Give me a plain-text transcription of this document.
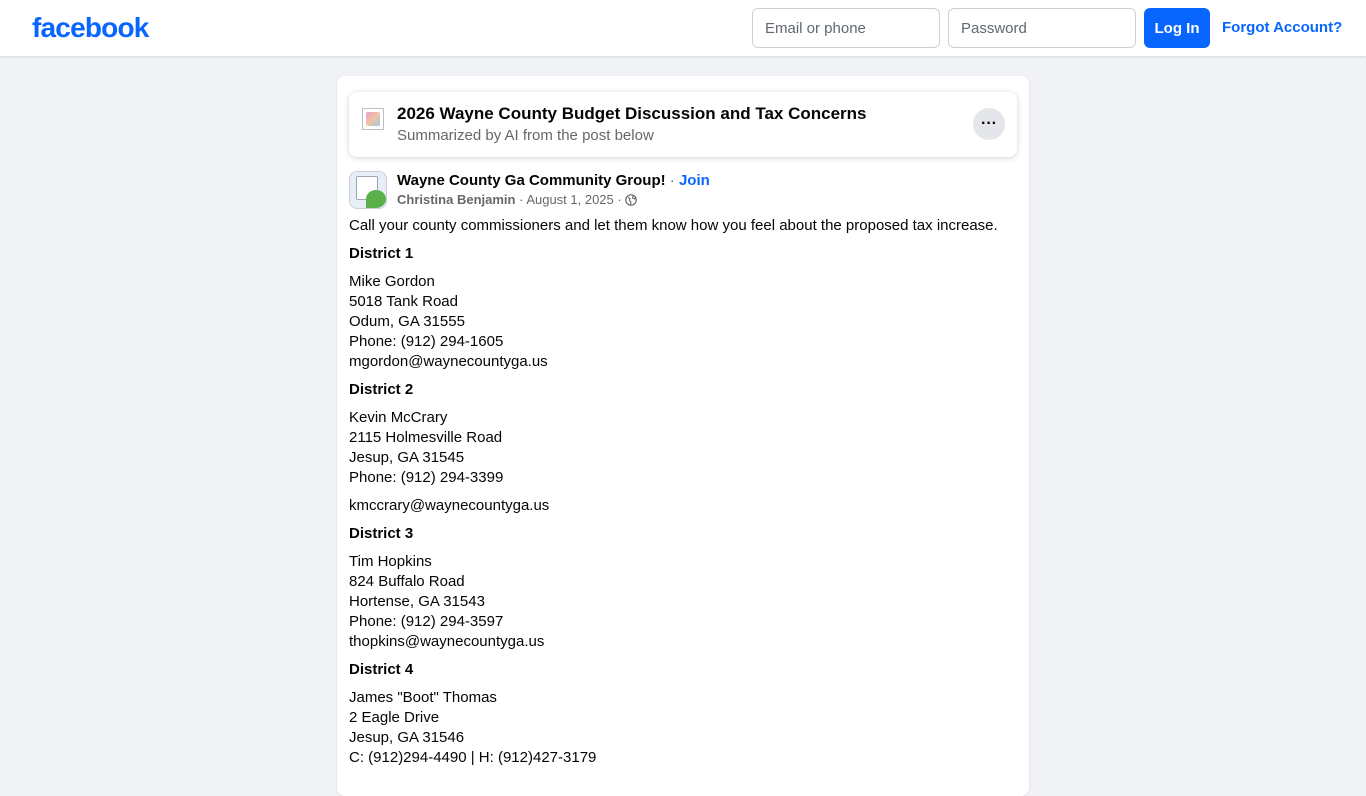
facebook
Email or phone	Log In	Forgot Account?
2026 Wayne County Budget Discussion and Tax Concerns
Summarized by AI from the post below
···
Wayne County Ga Community Group! · Join
Christina Benjamin · August 1, 2025 ·

Call your county commissioners and let them know how you feel about the proposed tax increase.

District 1

Mike Gordon
5018 Tank Road
Odum, GA 31555
Phone: (912) 294-1605
mgordon@waynecountyga.us

District 2

Kevin McCrary
2115 Holmesville Road
Jesup, GA 31545
Phone: (912) 294-3399

kmccrary@waynecountyga.us

District 3

Tim Hopkins
824 Buffalo Road
Hortense, GA 31543
Phone: (912) 294-3597
thopkins@waynecountyga.us

District 4

James "Boot" Thomas
2 Eagle Drive
Jesup, GA 31546
C: (912)294-4490 | H: (912)427-3179
